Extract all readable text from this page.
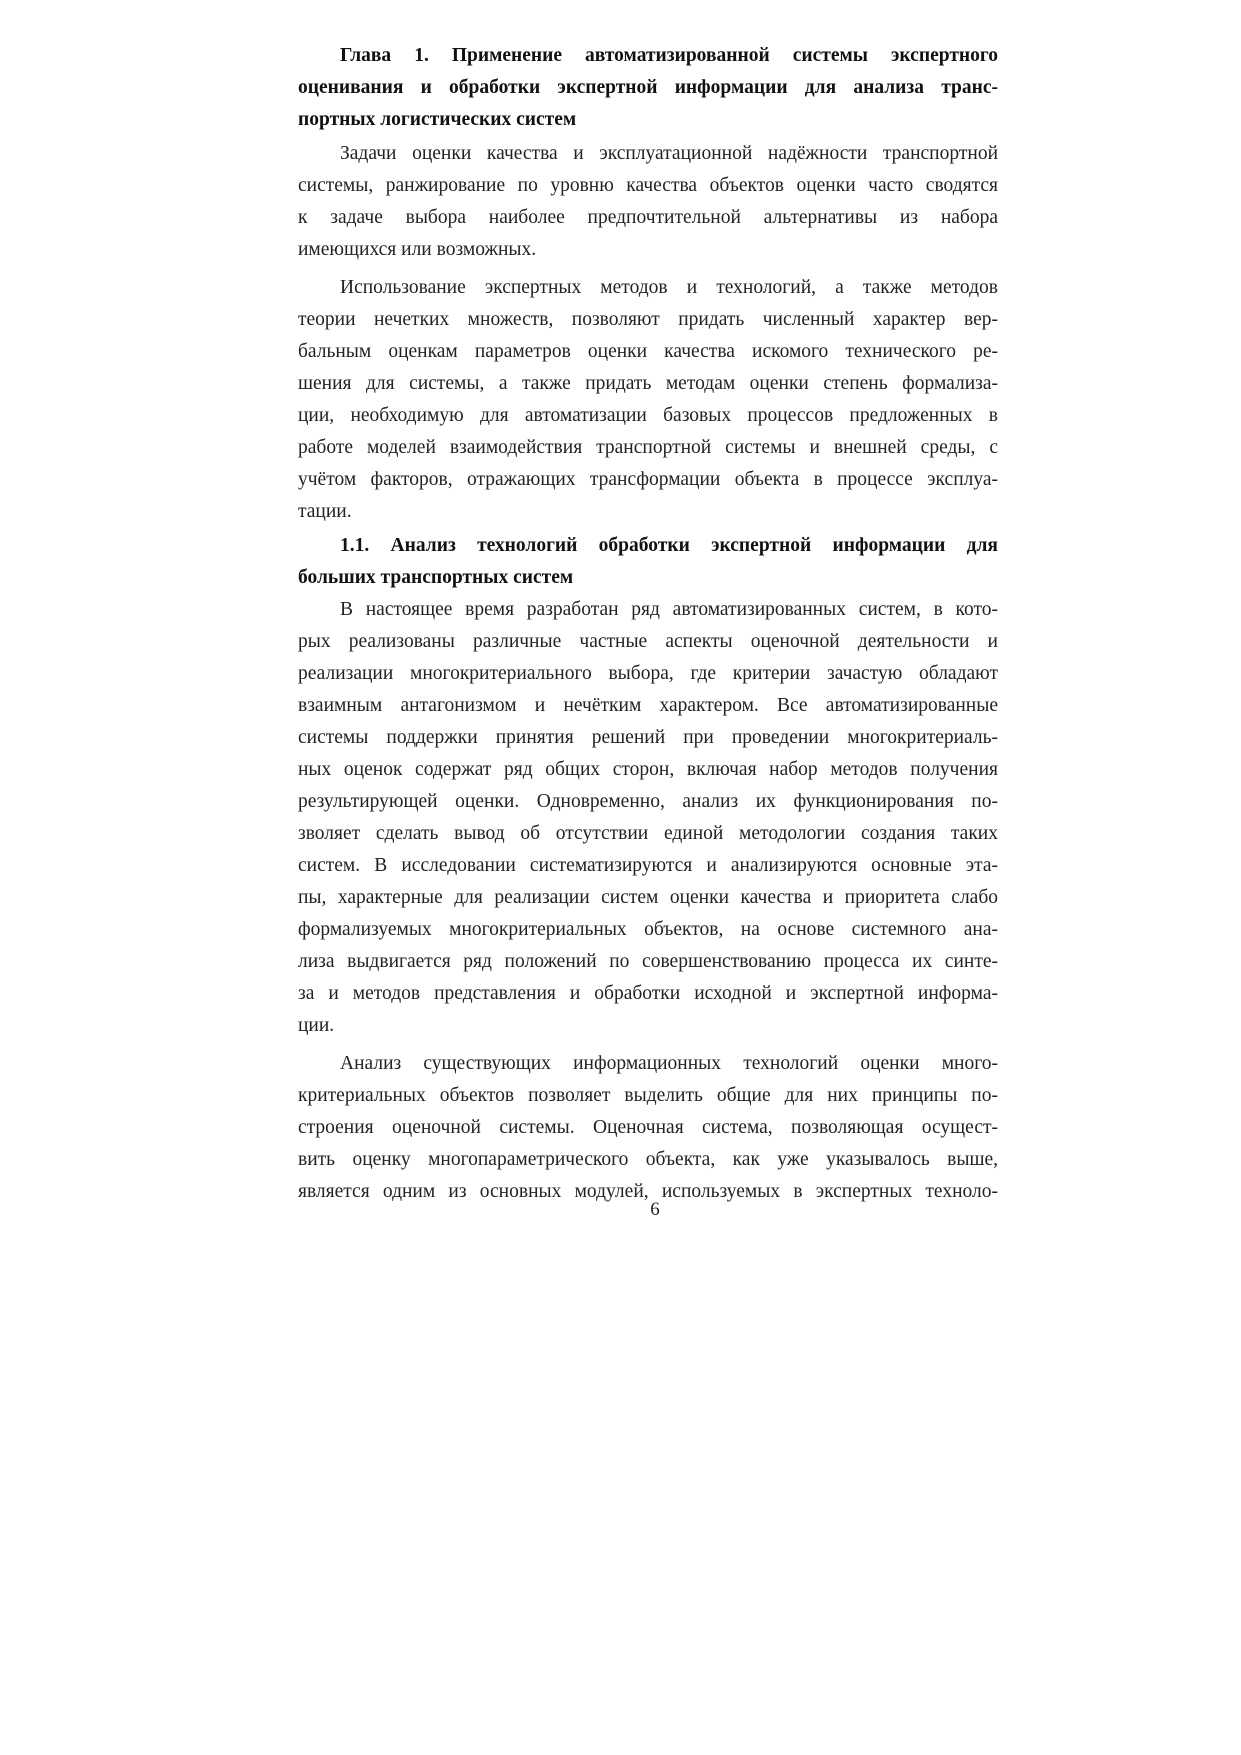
Глава 1. Применение автоматизированной системы экспертного
оценивания и обработки экспертной информации для анализа транс-
портных логистических систем
Задачи оценки качества и эксплуатационной надёжности транспортной
системы, ранжирование по уровню качества объектов оценки часто сводятся
к задаче выбора наиболее предпочтительной альтернативы из набора
имеющихся или возможных.
Использование экспертных методов и технологий, а также методов
теории нечетких множеств, позволяют придать численный характер вер-
бальным оценкам параметров оценки качества искомого технического ре-
шения для системы, а также придать методам оценки степень формализа-
ции, необходимую для автоматизации базовых процессов предложенных в
работе моделей взаимодействия транспортной системы и внешней среды, с
учётом факторов, отражающих трансформации объекта в процессе эксплуа-
тации.
1.1. Анализ технологий обработки экспертной информации для
больших транспортных систем
В настоящее время разработан ряд автоматизированных систем, в кото-
рых реализованы различные частные аспекты оценочной деятельности и
реализации многокритериального выбора, где критерии зачастую обладают
взаимным антагонизмом и нечётким характером. Все автоматизированные
системы поддержки принятия решений при проведении многокритериаль-
ных оценок содержат ряд общих сторон, включая набор методов получения
результирующей оценки. Одновременно, анализ их функционирования по-
зволяет сделать вывод об отсутствии единой методологии создания таких
систем. В исследовании систематизируются и анализируются основные эта-
пы, характерные для реализации систем оценки качества и приоритета слабо
формализуемых многокритериальных объектов, на основе системного ана-
лиза выдвигается ряд положений по совершенствованию процесса их синте-
за и методов представления и обработки исходной и экспертной информа-
ции.
Анализ существующих информационных технологий оценки много-
критериальных объектов позволяет выделить общие для них принципы по-
строения оценочной системы. Оценочная система, позволяющая осущест-
вить оценку многопараметрического объекта, как уже указывалось выше,
является одним из основных модулей, используемых в экспертных техноло-
6
